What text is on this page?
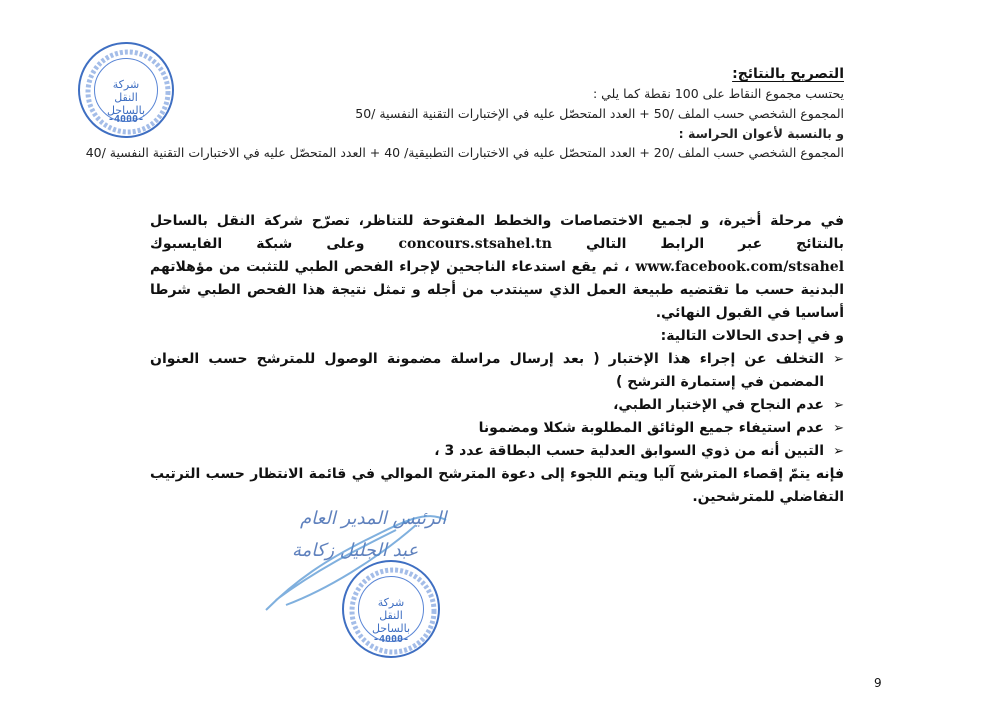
شركة النقل بالساحل
-4000-
التصريح بالنتائج:
يحتسب مجموع النقاط على 100 نقطة كما يلي :
المجموع الشخصي حسب الملف /50 + العدد المتحصّل عليه في الإختبارات التقنية النفسية /50
و بالنسبة لأعوان الحراسة :
المجموع الشخصي حسب الملف /20 + العدد المتحصّل عليه في الاختبارات التطبيقية/ 40 + العدد المتحصّل عليه في الاختبارات التقنية النفسية /40

في مرحلة أخيرة، و لجميع الاختصاصات والخطط المفتوحة للتناظر، تصرّح شركة النقل بالساحل بالنتائج عبر الرابط التالي concours.stsahel.tn وعلى شبكة الفايسبوك www.facebook.com/stsahel ، ثم يقع استدعاء الناجحين لإجراء الفحص الطبي للتثبت من مؤهلاتهم البدنية حسب ما تقتضيه طبيعة العمل الذي سينتدب من أجله و تمثل نتيجة هذا الفحص الطبي شرطا أساسيا في القبول النهائي.

و في إحدى الحالات التالية:

➢ التخلف عن إجراء هذا الإختبار ( بعد إرسال مراسلة مضمونة الوصول للمترشح حسب العنوان المضمن في إستمارة الترشح )
➢ عدم النجاح في الإختبار الطبي،
➢ عدم استيفاء جميع الوثائق المطلوبة شكلا ومضمونا
➢ التبين أنه من ذوي السوابق العدلية حسب البطاقة عدد 3 ،

فإنه يتمّ إقصاء المترشح آليا ويتم اللجوء إلى دعوة المترشح الموالي في قائمة الانتظار حسب الترتيب التفاضلي للمترشحين.

الرئيس المدير العام
عبد الجليل زكامة
شركة النقل بالساحل
-4000-
9
